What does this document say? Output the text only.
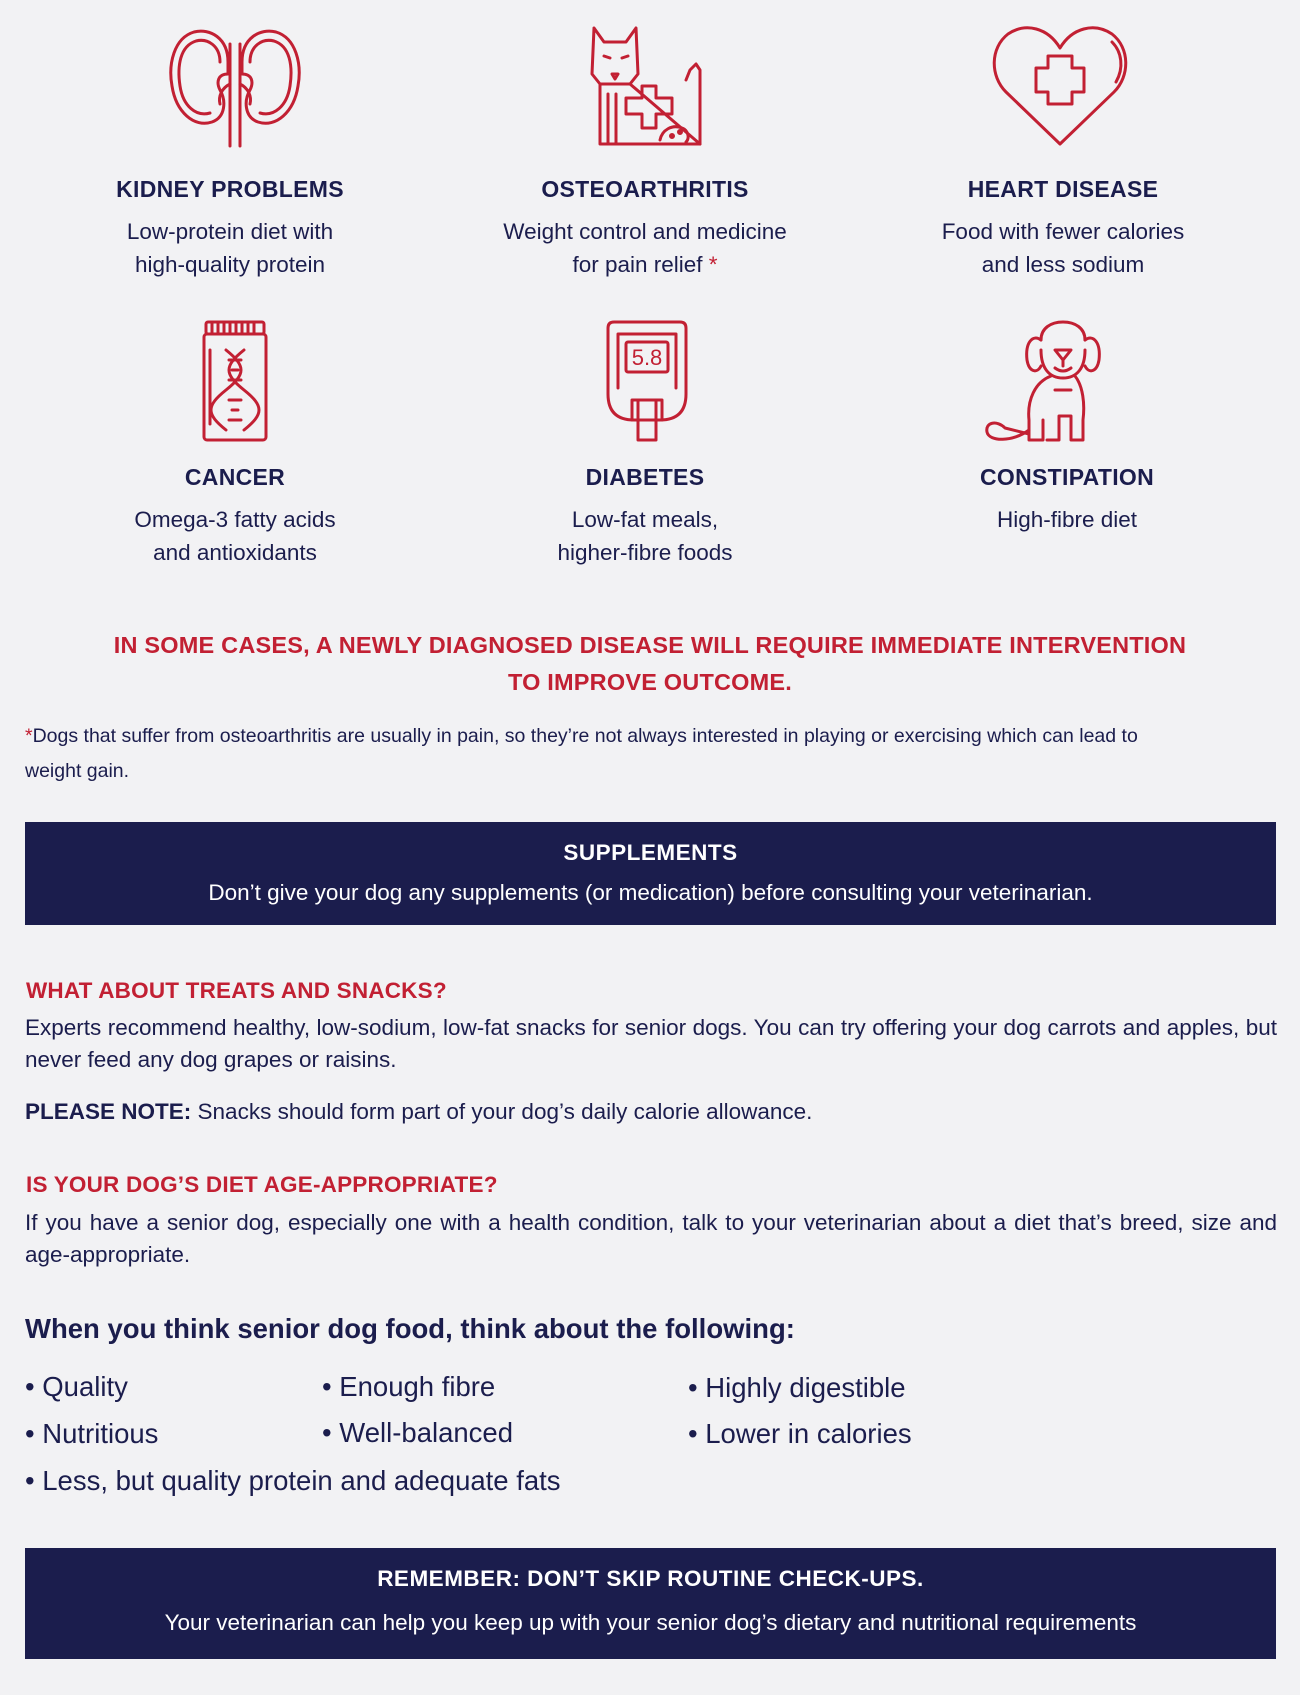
5.8
KIDNEY PROBLEMS
Low-protein diet with
high-quality protein
OSTEOARTHRITIS
Weight control and medicine
for pain relief *
HEART DISEASE
Food with fewer calories
and less sodium
CANCER
Omega-3 fatty acids
and antioxidants
DIABETES
Low-fat meals,
higher-fibre foods
CONSTIPATION
High-fibre diet
IN SOME CASES, A NEWLY DIAGNOSED DISEASE WILL REQUIRE IMMEDIATE INTERVENTION
TO IMPROVE OUTCOME.
*Dogs that suffer from osteoarthritis are usually in pain, so they’re not always interested in playing or exercising which can lead to
weight gain.
SUPPLEMENTS
Don’t give your dog any supplements (or medication) before consulting your veterinarian.
WHAT ABOUT TREATS AND SNACKS?
Experts recommend healthy, low-sodium, low-fat snacks for senior dogs. You can try offering your dog carrots and apples, but never feed any dog grapes or raisins.
PLEASE NOTE: Snacks should form part of your dog’s daily calorie allowance.
IS YOUR DOG’S DIET AGE-APPROPRIATE?
If you have a senior dog, especially one with a health condition, talk to your veterinarian about a diet that’s breed, size and age-appropriate.
When you think senior dog food, think about the following:
• Quality	• Enough fibre	• Highly digestible
• Nutritious	• Well-balanced	• Lower in calories
• Less, but quality protein and adequate fats
REMEMBER: DON’T SKIP ROUTINE CHECK-UPS.
Your veterinarian can help you keep up with your senior dog’s dietary and nutritional requirements
